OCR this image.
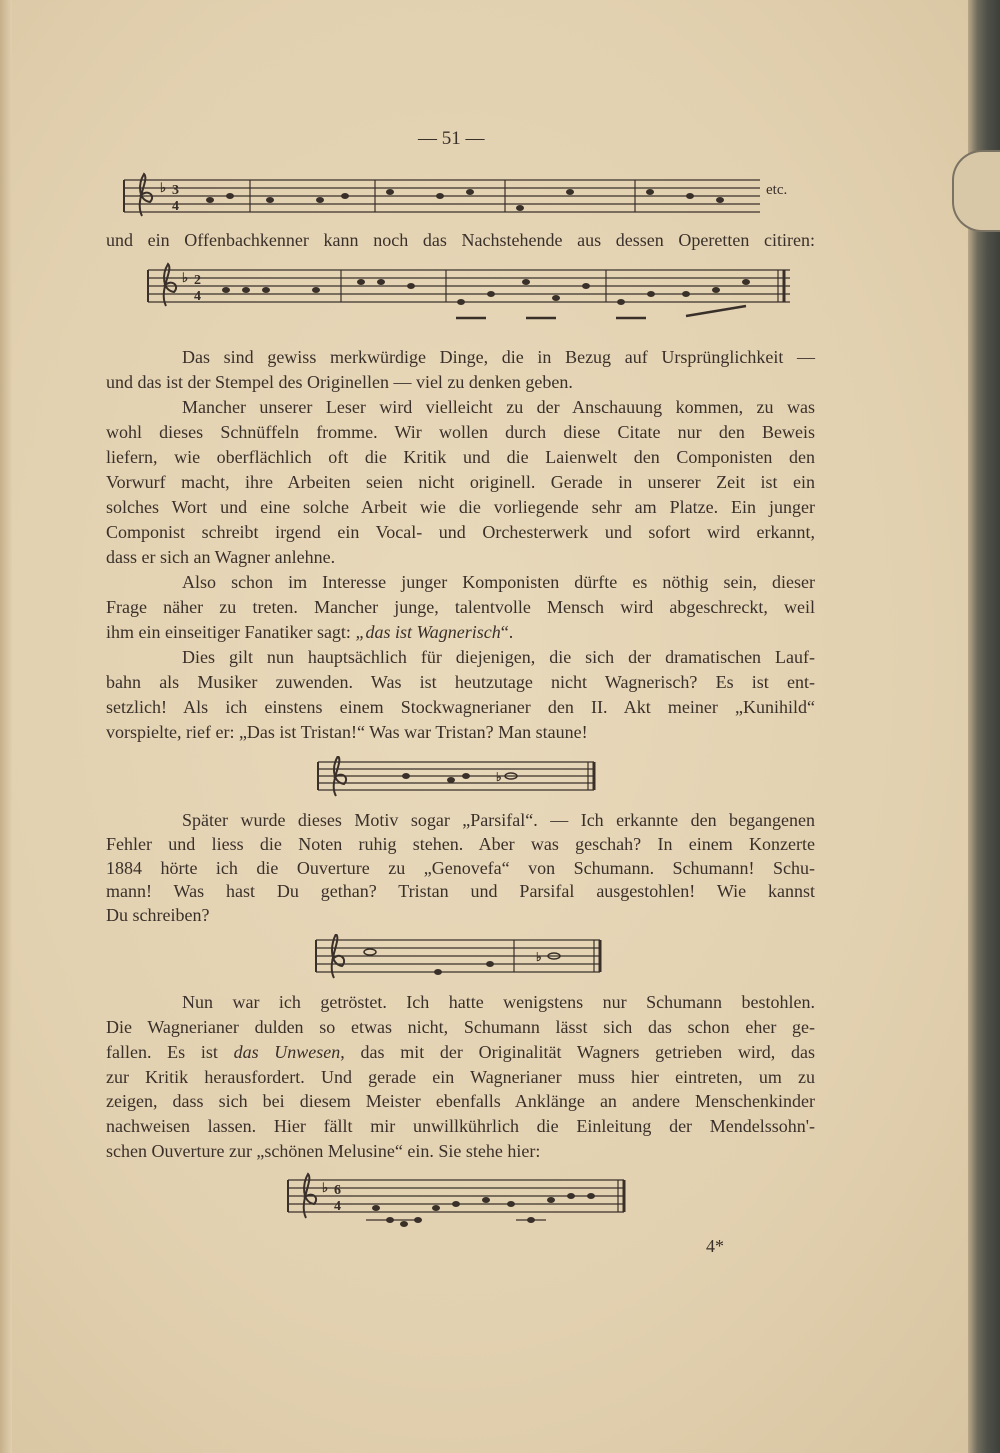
— 51 —
♭ 3
4
etc.
und ein Offenbachkenner kann noch das Nachstehende aus dessen Operetten citiren:
♭ 2
4
Das sind gewiss merkwürdige Dinge, die in Bezug auf Ursprünglichkeit —
und das ist der Stempel des Originellen — viel zu denken geben.
Mancher unserer Leser wird vielleicht zu der Anschauung kommen, zu was
wohl dieses Schnüffeln fromme. Wir wollen durch diese Citate nur den Beweis
liefern, wie oberflächlich oft die Kritik und die Laienwelt den Componisten den
Vorwurf macht, ihre Arbeiten seien nicht originell. Gerade in unserer Zeit ist ein
solches Wort und eine solche Arbeit wie die vorliegende sehr am Platze. Ein junger
Componist schreibt irgend ein Vocal- und Orchesterwerk und sofort wird erkannt,
dass er sich an Wagner anlehne.
Also schon im Interesse junger Komponisten dürfte es nöthig sein, dieser
Frage näher zu treten. Mancher junge, talentvolle Mensch wird abgeschreckt, weil
ihm ein einseitiger Fanatiker sagt: „das ist Wagnerisch“.
Dies gilt nun hauptsächlich für diejenigen, die sich der dramatischen Lauf-
bahn als Musiker zuwenden. Was ist heutzutage nicht Wagnerisch? Es ist ent-
setzlich! Als ich einstens einem Stockwagnerianer den II. Akt meiner „Kunihild“
vorspielte, rief er: „Das ist Tristan!“ Was war Tristan? Man staune!
♭
Später wurde dieses Motiv sogar „Parsifal“. — Ich erkannte den begangenen
Fehler und liess die Noten ruhig stehen. Aber was geschah? In einem Konzerte
1884 hörte ich die Ouverture zu „Genovefa“ von Schumann. Schumann! Schu-
mann! Was hast Du gethan? Tristan und Parsifal ausgestohlen! Wie kannst
Du schreiben?
♭
Nun war ich getröstet. Ich hatte wenigstens nur Schumann bestohlen.
Die Wagnerianer dulden so etwas nicht, Schumann lässt sich das schon eher ge-
fallen. Es ist das Unwesen, das mit der Originalität Wagners getrieben wird, das
zur Kritik herausfordert. Und gerade ein Wagnerianer muss hier eintreten, um zu
zeigen, dass sich bei diesem Meister ebenfalls Anklänge an andere Menschenkinder
nachweisen lassen. Hier fällt mir unwillkührlich die Einleitung der Mendelssohn'-
schen Ouverture zur „schönen Melusine“ ein. Sie stehe hier:
♭ 6
4
4*
